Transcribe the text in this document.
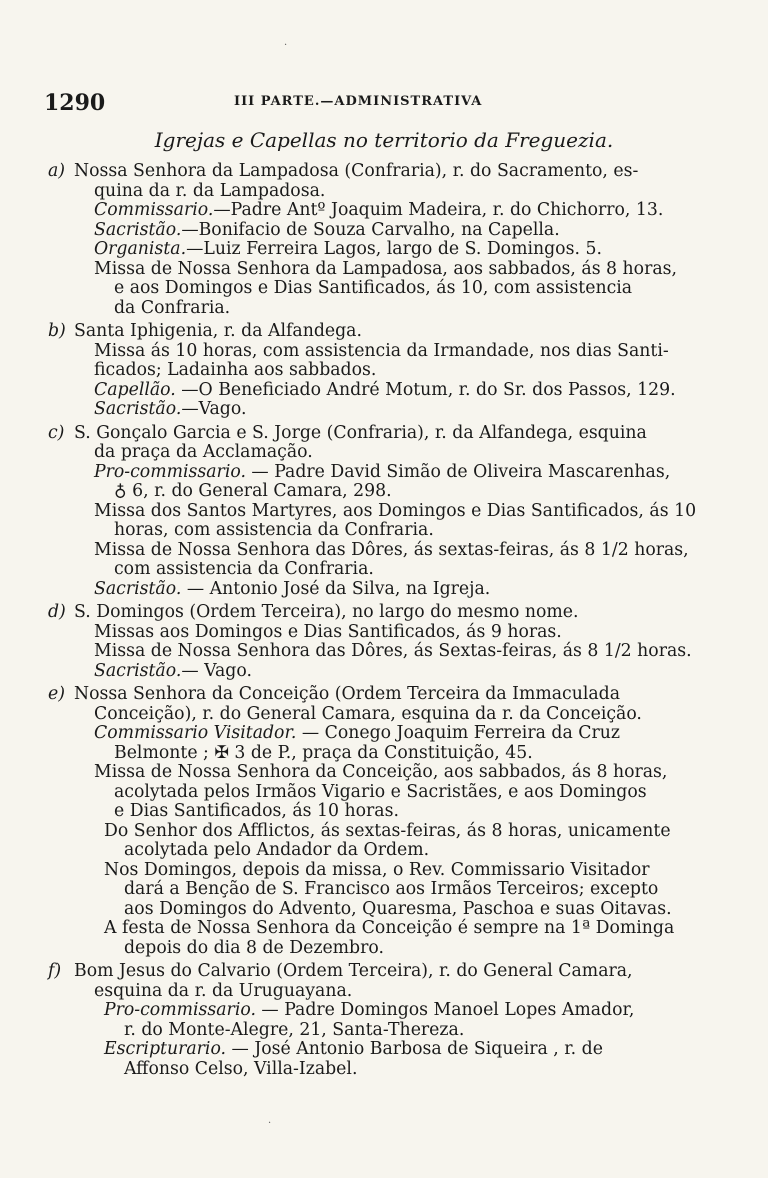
·
·
1290	III PARTE.—ADMINISTRATIVA
Igrejas e Capellas no territorio da Freguezia.
a) Nossa Senhora da Lampadosa (Confraria), r. do Sacramento, es-
quina da r. da Lampadosa.
Commissario.—Padre Antº Joaquim Madeira, r. do Chichorro, 13.
Sacristão.—Bonifacio de Souza Carvalho, na Capella.
Organista.—Luiz Ferreira Lagos, largo de S. Domingos. 5.
Missa de Nossa Senhora da Lampadosa, aos sabbados, ás 8 horas,
e aos Domingos e Dias Santificados, ás 10, com assistencia
da Confraria.
b) Santa Iphigenia, r. da Alfandega.
Missa ás 10 horas, com assistencia da Irmandade, nos dias Santi-
ficados; Ladainha aos sabbados.
Capellão. —O Beneficiado André Motum, r. do Sr. dos Passos, 129.
Sacristão.—Vago.
c) S. Gonçalo Garcia e S. Jorge (Confraria), r. da Alfandega, esquina
da praça da Acclamação.
Pro-commissario. — Padre David Simão de Oliveira Mascarenhas,
♁ 6, r. do General Camara, 298.
Missa dos Santos Martyres, aos Domingos e Dias Santificados, ás 10
horas, com assistencia da Confraria.
Missa de Nossa Senhora das Dôres, ás sextas-feiras, ás 8 1/2 horas,
com assistencia da Confraria.
Sacristão. — Antonio José da Silva, na Igreja.
d) S. Domingos (Ordem Terceira), no largo do mesmo nome.
Missas aos Domingos e Dias Santificados, ás 9 horas.
Missa de Nossa Senhora das Dôres, ás Sextas-feiras, ás 8 1/2 horas.
Sacristão.— Vago.
e) Nossa Senhora da Conceição (Ordem Terceira da Immaculada
Conceição), r. do General Camara, esquina da r. da Conceição.
Commissario Visitador. — Conego Joaquim Ferreira da Cruz
Belmonte ; ✠ 3 de P., praça da Constituição, 45.
Missa de Nossa Senhora da Conceição, aos sabbados, ás 8 horas,
acolytada pelos Irmãos Vigario e Sacristães, e aos Domingos
e Dias Santificados, ás 10 horas.
Do Senhor dos Afflictos, ás sextas-feiras, ás 8 horas, unicamente
acolytada pelo Andador da Ordem.
Nos Domingos, depois da missa, o Rev. Commissario Visitador
dará a Benção de S. Francisco aos Irmãos Terceiros; excepto
aos Domingos do Advento, Quaresma, Paschoa e suas Oitavas.
A festa de Nossa Senhora da Conceição é sempre na 1ª Dominga
depois do dia 8 de Dezembro.
f) Bom Jesus do Calvario (Ordem Terceira), r. do General Camara,
esquina da r. da Uruguayana.
Pro-commissario. — Padre Domingos Manoel Lopes Amador,
r. do Monte-Alegre, 21, Santa-Thereza.
Escripturario. — José Antonio Barbosa de Siqueira , r. de
Affonso Celso, Villa-Izabel.
